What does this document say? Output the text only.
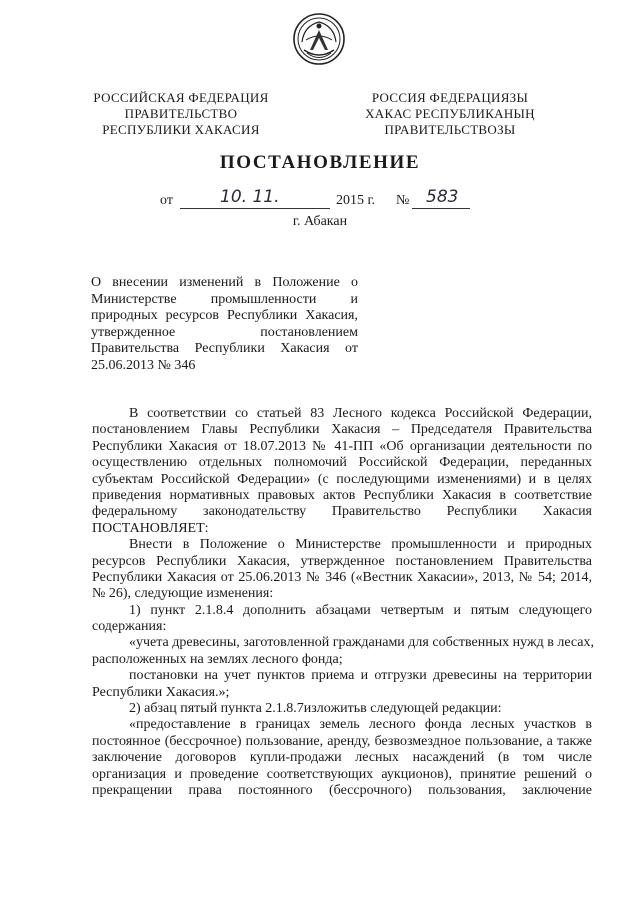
РОССИЙСКАЯ ФЕДЕРАЦИЯ
ПРАВИТЕЛЬСТВО
РЕСПУБЛИКИ ХАКАСИЯ
РОССИЯ ФЕДЕРАЦИЯЗЫ
ХАКАС РЕСПУБЛИКАНЫҢ
ПРАВИТЕЛЬСТВОЗЫ
ПОСТАНОВЛЕНИЕ
от	10. 11.	2015 г. № 583
г. Абакан
О внесении изменений в Положение о
Министерстве промышленности и
природных ресурсов Республики Хакасия,
утвержденное постановлением
Правительства Республики Хакасия от
25.06.2013 № 346
В соответствии со статьей 83 Лесного кодекса Российской Федерации,
постановлением Главы Республики Хакасия – Председателя Правительства
Республики Хакасия от 18.07.2013 № 41-ПП «Об организации деятельности по
осуществлению отдельных полномочий Российской Федерации, переданных
субъектам Российской Федерации» (с последующими изменениями) и в целях
приведения нормативных правовых актов Республики Хакасия в соответствие
федеральному законодательству Правительство Республики Хакасия
ПОСТАНОВЛЯЕТ:
Внести в Положение о Министерстве промышленности и природных
ресурсов Республики Хакасия, утвержденное постановлением Правительства
Республики Хакасия от 25.06.2013 № 346 («Вестник Хакасии», 2013, № 54; 2014,
№ 26), следующие изменения:
1) пункт 2.1.8.4 дополнить абзацами четвертым и пятым следующего
содержания:
«учета древесины, заготовленной гражданами для собственных нужд в лесах,
расположенных на землях лесного фонда;
постановки на учет пунктов приема и отгрузки древесины на территории
Республики Хакасия.»;
2) абзац пятый пункта 2.1.8.7изложитьв следующей редакции:
«предоставление в границах земель лесного фонда лесных участков в
постоянное (бессрочное) пользование, аренду, безвозмездное пользование, а также
заключение договоров купли-продажи лесных насаждений (в том числе
организация и проведение соответствующих аукционов), принятие решений о
прекращении права постоянного (бессрочного) пользования, заключение
